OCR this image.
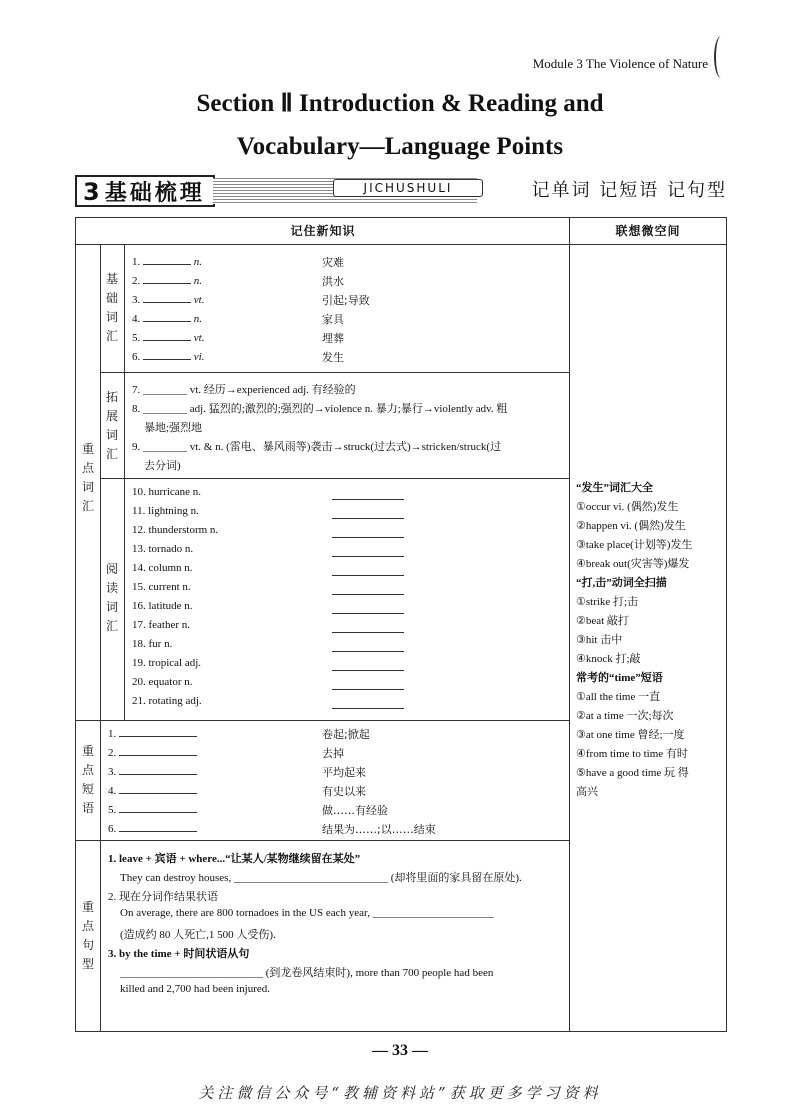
Module 3 The Violence of Nature
Section Ⅱ Introduction & Reading and
Vocabulary—Language Points
3基础梳理	JICHUSHULI	记单词 记短语 记句型
记住新知识	联想微空间
重
点
词
汇
基
础
词
汇
拓
展
词
汇
阅
读
词
汇
重
点
短
语
重
点
句
型
“发生”词汇大全
①occur vi. (偶然)发生
②happen vi. (偶然)发生
③take place(计划等)发生
④break out(灾害等)爆发
“打,击”动词全扫描
①strike 打;击
②beat 敲打
③hit 击中
④knock 打;敲
常考的“time”短语
①all the time 一直
②at a time 一次;每次
③at one time 曾经;一度
④from time to time 有时
⑤have a good time 玩 得
高兴
1.	n.	灾难
2.	n.	洪水
3.	vt.	引起;导致
4.	n.	家具
5.	vt.	埋葬
6.	vi.	发生
7. ________ vt. 经历→experienced adj. 有经验的
8. ________ adj. 猛烈的;激烈的;强烈的→violence n. 暴力;暴行→violently adv. 粗
暴地;强烈地
9. ________ vt. & n. (雷电、暴风雨等)袭击→struck(过去式)→stricken/struck(过
去分词)
10. hurricane n.
11. lightning n.
12. thunderstorm n.
13. tornado n.
14. column n.
15. current n.
16. latitude n.
17. feather n.
18. fur n.
19. tropical adj.
20. equator n.
21. rotating adj.
1.	卷起;掀起
2.	去掉
3.	平均起来
4.	有史以来
5.	做……有经验
6.	结果为……;以……结束
1. leave + 宾语 + where...“让某人/某物继续留在某处”
They can destroy houses, ____________________________ (却将里面的家具留在原处).
2. 现在分词作结果状语
On average, there are 800 tornadoes in the US each year, ______________________
(造成约 80 人死亡,1 500 人受伤).
3. by the time + 时间状语从句
__________________________ (到龙卷风结束时), more than 700 people had been
killed and 2,700 had been injured.
— 33 —
关注微信公众号“教辅资料站”获取更多学习资料
